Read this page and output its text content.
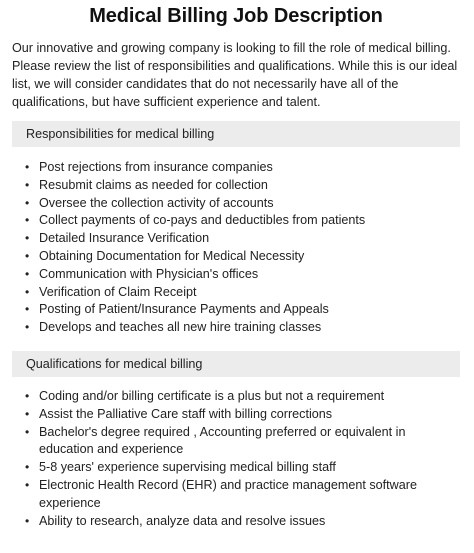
Medical Billing Job Description

Our innovative and growing company is looking to fill the role of medical billing. Please review the list of responsibilities and qualifications. While this is our ideal list, we will consider candidates that do not necessarily have all of the qualifications, but have sufficient experience and talent.

Responsibilities for medical billing
• Post rejections from insurance companies
• Resubmit claims as needed for collection
• Oversee the collection activity of accounts
• Collect payments of co-pays and deductibles from patients
• Detailed Insurance Verification
• Obtaining Documentation for Medical Necessity
• Communication with Physician's offices
• Verification of Claim Receipt
• Posting of Patient/Insurance Payments and Appeals
• Develops and teaches all new hire training classes
Qualifications for medical billing
• Coding and/or billing certificate is a plus but not a requirement
• Assist the Palliative Care staff with billing corrections
• Bachelor's degree required , Accounting preferred or equivalent in education and experience
• 5-8 years' experience supervising medical billing staff
• Electronic Health Record (EHR) and practice management software experience
• Ability to research, analyze data and resolve issues
